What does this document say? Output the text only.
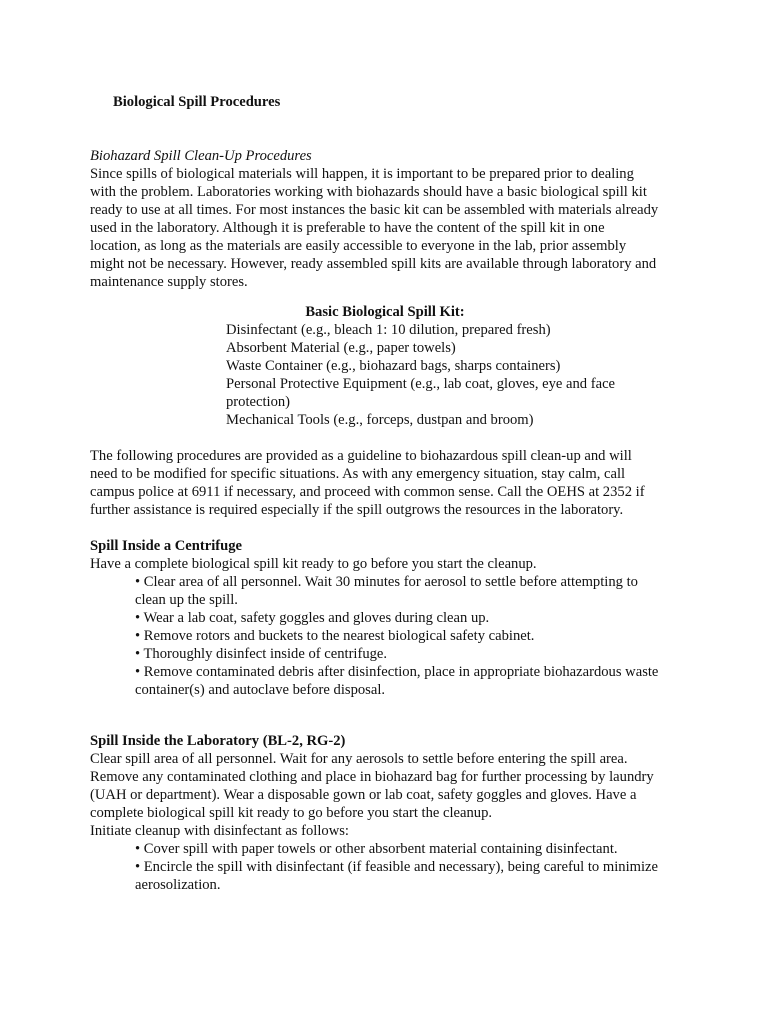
Biological Spill Procedures
Biohazard Spill Clean-Up Procedures
Since spills of biological materials will happen, it is important to be prepared prior to dealing
with the problem. Laboratories working with biohazards should have a basic biological spill kit
ready to use at all times. For most instances the basic kit can be assembled with materials already
used in the laboratory. Although it is preferable to have the content of the spill kit in one
location, as long as the materials are easily accessible to everyone in the lab, prior assembly
might not be necessary. However, ready assembled spill kits are available through laboratory and
maintenance supply stores.
Basic Biological Spill Kit:
Disinfectant (e.g., bleach 1: 10 dilution, prepared fresh)
Absorbent Material (e.g., paper towels)
Waste Container (e.g., biohazard bags, sharps containers)
Personal Protective Equipment (e.g., lab coat, gloves, eye and face
protection)
Mechanical Tools (e.g., forceps, dustpan and broom)
The following procedures are provided as a guideline to biohazardous spill clean-up and will
need to be modified for specific situations. As with any emergency situation, stay calm, call
campus police at 6911 if necessary, and proceed with common sense. Call the OEHS at 2352 if
further assistance is required especially if the spill outgrows the resources in the laboratory.
Spill Inside a Centrifuge
Have a complete biological spill kit ready to go before you start the cleanup.
• Clear area of all personnel. Wait 30 minutes for aerosol to settle before attempting to
clean up the spill.
• Wear a lab coat, safety goggles and gloves during clean up.
• Remove rotors and buckets to the nearest biological safety cabinet.
• Thoroughly disinfect inside of centrifuge.
• Remove contaminated debris after disinfection, place in appropriate biohazardous waste
container(s) and autoclave before disposal.
Spill Inside the Laboratory (BL-2, RG-2)
Clear spill area of all personnel. Wait for any aerosols to settle before entering the spill area.
Remove any contaminated clothing and place in biohazard bag for further processing by laundry
(UAH or department). Wear a disposable gown or lab coat, safety goggles and gloves. Have a
complete biological spill kit ready to go before you start the cleanup.
Initiate cleanup with disinfectant as follows:
• Cover spill with paper towels or other absorbent material containing disinfectant.
• Encircle the spill with disinfectant (if feasible and necessary), being careful to minimize
aerosolization.
